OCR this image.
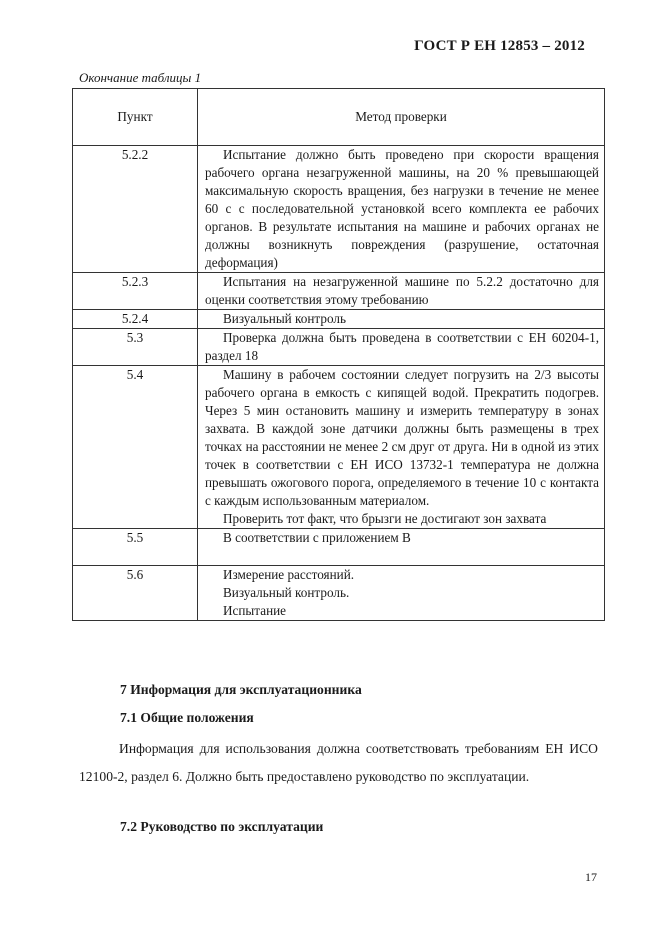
ГОСТ Р ЕН 12853 – 2012
Окончание таблицы 1
Пункт	Метод проверки
5.2.2	Испытание должно быть проведено при скорости вращения рабочего органа незагруженной машины, на 20 % превышающей максимальную скорость вращения, без нагрузки в течение не менее 60 с с последовательной установкой всего комплекта ее рабочих органов. В результате испытания на машине и рабочих органах не должны возникнуть повреждения (разрушение, остаточная деформация)

5.2.3	Испытания на незагруженной машине по 5.2.2 достаточно для оценки соответствия этому требованию

5.2.4	Визуальный контроль

5.3	Проверка должна быть проведена в соответствии с ЕН 60204-1, раздел 18

5.4	Машину в рабочем состоянии следует погрузить на 2/3 высоты рабочего органа в емкость с кипящей водой. Прекратить подогрев. Через 5 мин остановить машину и измерить температуру в зонах захвата. В каждой зоне датчики должны быть размещены в трех точках на расстоянии не менее 2 см друг от друга. Ни в одной из этих точек в соответствии с ЕН ИСО 13732-1 температура не должна превышать ожогового порога, определяемого в течение 10 с контакта с каждым использованным материалом.
Проверить тот факт, что брызги не достигают зон захвата

5.5	В соответствии с приложением В

5.6	Измерение расстояний.
Визуальный контроль.
Испытание
7 Информация для эксплуатационника
7.1 Общие положения
Информация для использования должна соответствовать требованиям ЕН ИСО 12100-2, раздел 6. Должно быть предоставлено руководство по эксплуатации.
7.2 Руководство по эксплуатации
17
